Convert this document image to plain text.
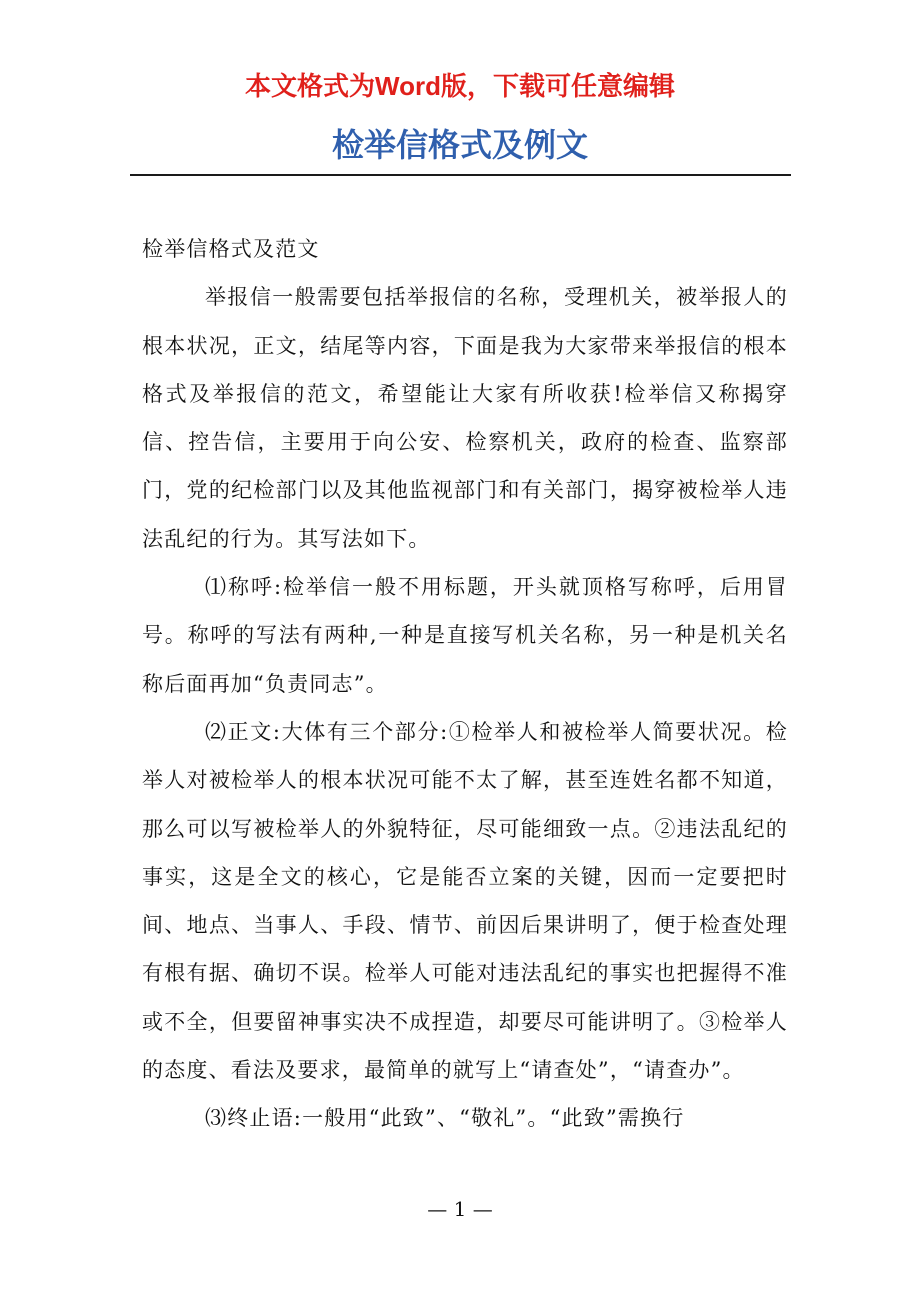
本文格式为Word版，下载可任意编辑
检举信格式及例文

检举信格式及范文

举报信一般需要包括举报信的名称，受理机关，被举报人的根本状况，正文，结尾等内容，下面是我为大家带来举报信的根本格式及举报信的范文，希望能让大家有所收获!检举信又称揭穿信、控告信，主要用于向公安、检察机关，政府的检查、监察部门，党的纪检部门以及其他监视部门和有关部门，揭穿被检举人违法乱纪的行为。其写法如下。

⑴称呼:检举信一般不用标题，开头就顶格写称呼，后用冒号。称呼的写法有两种,一种是直接写机关名称，另一种是机关名称后面再加“负责同志”。

⑵正文:大体有三个部分:①检举人和被检举人简要状况。检举人对被检举人的根本状况可能不太了解，甚至连姓名都不知道，那么可以写被检举人的外貌特征，尽可能细致一点。②违法乱纪的事实，这是全文的核心，它是能否立案的关键，因而一定要把时间、地点、当事人、手段、情节、前因后果讲明了，便于检查处理有根有据、确切不误。检举人可能对违法乱纪的事实也把握得不准或不全，但要留神事实决不成捏造，却要尽可能讲明了。③检举人的态度、看法及要求，最简单的就写上“请查处”，“请查办”。

⑶终止语:一般用“此致”、“敬礼”。“此致”需换行

— 1 —
